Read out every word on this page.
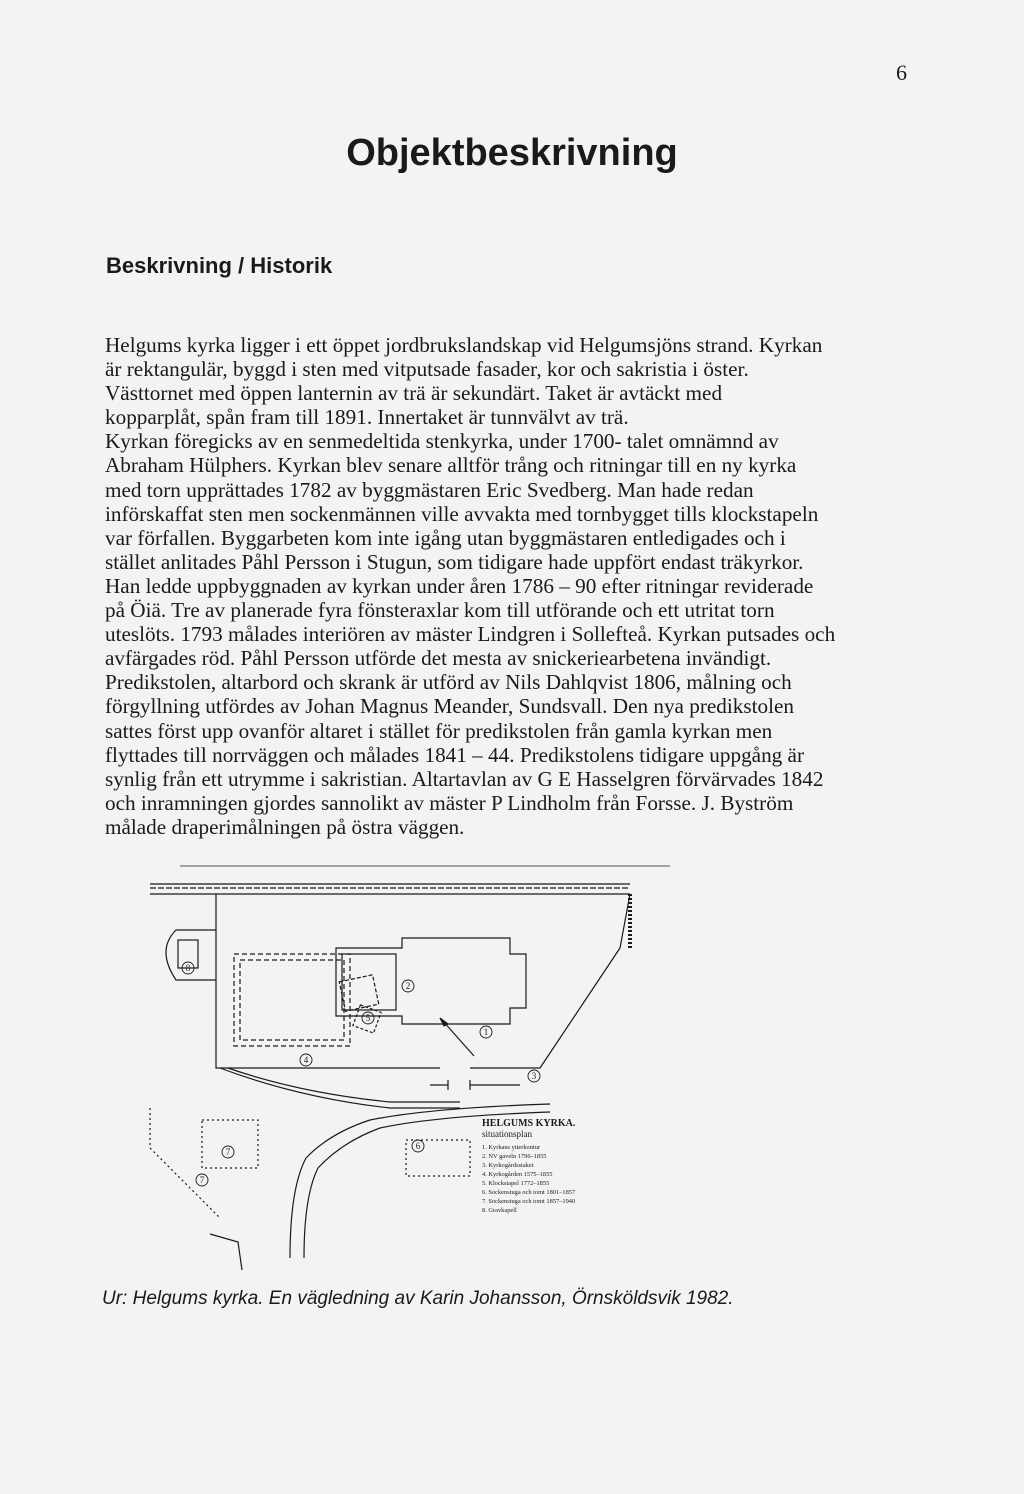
6
Objektbeskrivning
Beskrivning / Historik

Helgums kyrka ligger i ett öppet jordbrukslandskap vid Helgumsjöns strand. Kyrkan
är rektangulär, byggd i sten med vitputsade fasader, kor och sakristia i öster.
Västtornet med öppen lanternin av trä är sekundärt. Taket är avtäckt med
kopparplåt, spån fram till 1891. Innertaket är tunnvälvt av trä.
Kyrkan föregicks av en senmedeltida stenkyrka, under 1700- talet omnämnd av
Abraham Hülphers. Kyrkan blev senare alltför trång och ritningar till en ny kyrka
med torn upprättades 1782 av byggmästaren Eric Svedberg. Man hade redan
införskaffat sten men sockenmännen ville avvakta med tornbygget tills klockstapeln
var förfallen. Byggarbeten kom inte igång utan byggmästaren entledigades och i
stället anlitades Påhl Persson i Stugun, som tidigare hade uppfört endast träkyrkor.
Han ledde uppbyggnaden av kyrkan under åren 1786 – 90 efter ritningar reviderade
på Öiä. Tre av planerade fyra fönsteraxlar kom till utförande och ett utritat torn
uteslöts. 1793 målades interiören av mäster Lindgren i Sollefteå. Kyrkan putsades och
avfärgades röd. Påhl Persson utförde det mesta av snickeriearbetena invändigt.
Predikstolen, altarbord och skrank är utförd av Nils Dahlqvist 1806, målning och
förgyllning utfördes av Johan Magnus Meander, Sundsvall. Den nya predikstolen
sattes först upp ovanför altaret i stället för predikstolen från gamla kyrkan men
flyttades till norrväggen och målades 1841 – 44. Predikstolens tidigare uppgång är
synlig från ett utrymme i sakristian. Altartavlan av G E Hasselgren förvärvades 1842
och inramningen gjordes sannolikt av mäster P Lindholm från Forsse. J. Byström
målade draperimålningen på östra väggen.

1
2
3
4
5
6
7
7
8
HELGUMS KYRKA.
situationsplan
1. Kyrkans ytterkontur
2. NV gaveln 1796–1855
3. Kyrkogårdsstaket
4. Kyrkogården 1575–1855
5. Klockstapel 1772–1855
6. Sockenstuga och tomt 1801–1857
7. Sockenstuga och tomt 1857–1940
8. Gravkapell

Ur: Helgums kyrka. En vägledning av Karin Johansson, Örnsköldsvik 1982.
